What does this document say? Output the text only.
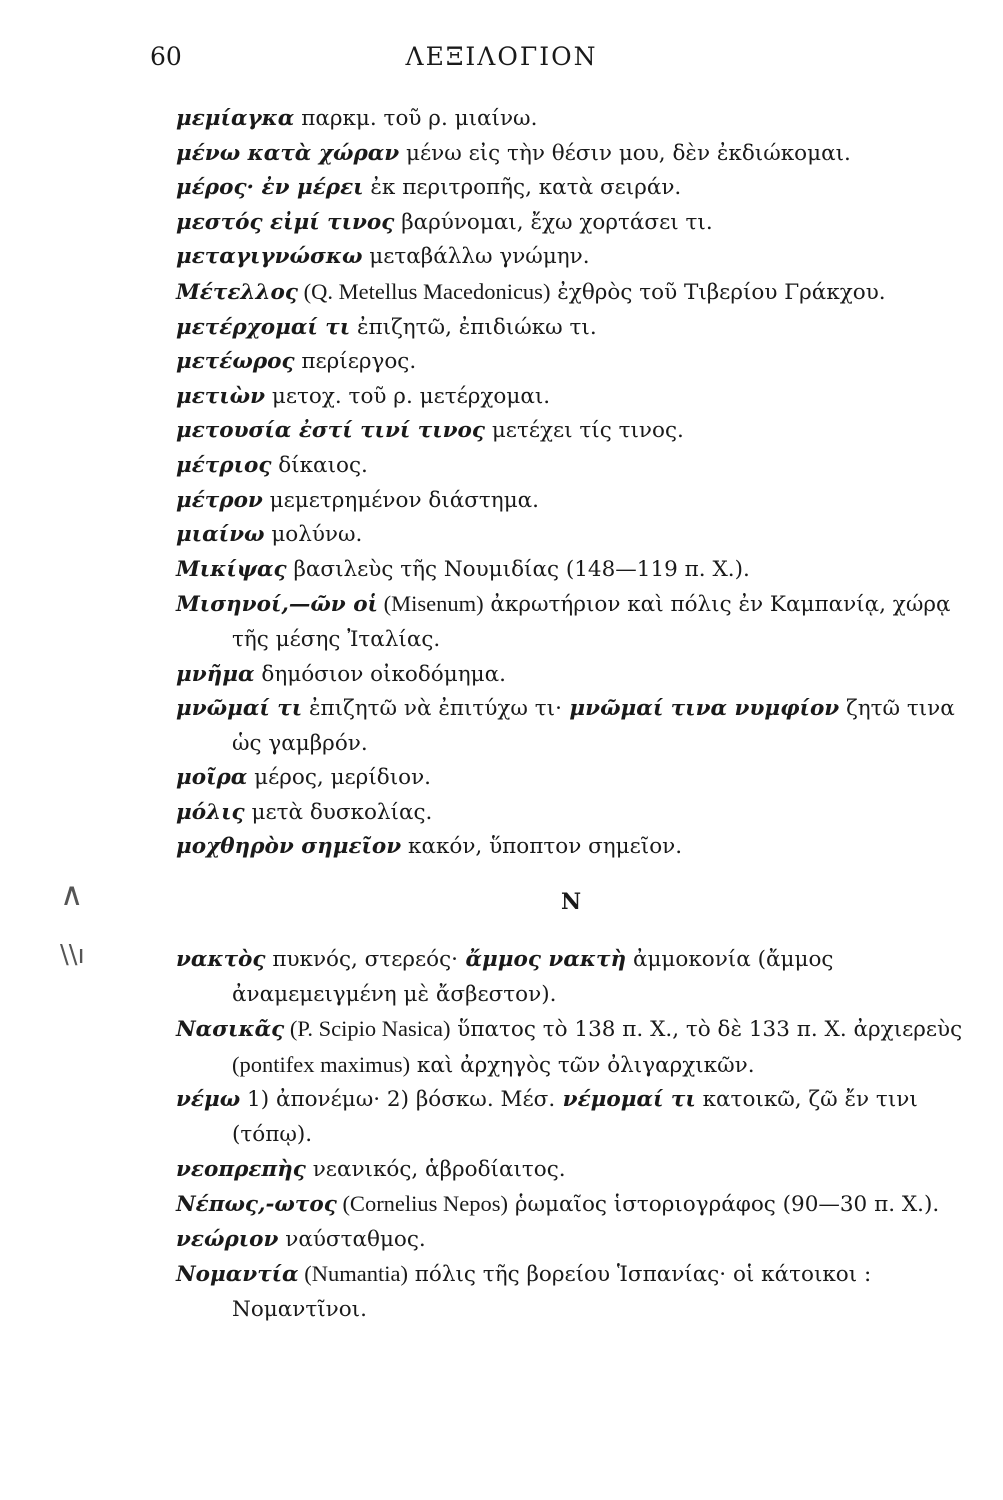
60	ΛΕΞΙΛΟΓΙΟΝ
∧
\\ı

μεμίαγκα παρκμ. τοῦ ρ. μιαίνω.

μένω κατὰ χώραν μένω εἰς τὴν θέσιν μου, δὲν ἐκδιώκομαι.

μέρος· ἐν μέρει ἐκ περιτροπῆς, κατὰ σειράν.

μεστός εἰμί τινος βαρύνομαι, ἔχω χορτάσει τι.

μεταγιγνώσκω μεταβάλλω γνώμην.

Μέτελλος (Q. Metellus Macedonicus) ἐχθρὸς τοῦ Τιβερίου Γράκχου.

μετέρχομαί τι ἐπιζητῶ, ἐπιδιώκω τι.

μετέωρος περίεργος.

μετιὼν μετοχ. τοῦ ρ. μετέρχομαι.

μετουσία ἐστί τινί τινος μετέχει τίς τινος.

μέτριος δίκαιος.

μέτρον μεμετρημένον διάστημα.

μιαίνω μολύνω.

Μικίψας βασιλεὺς τῆς Νουμιδίας (148—119 π. Χ.).

Μισηνοί,—ῶν οἱ (Misenum) ἀκρωτήριον καὶ πόλις ἐν Καμπανίᾳ, χώρᾳ τῆς μέσης Ἰταλίας.

μνῆμα δημόσιον οἰκοδόμημα.

μνῶμαί τι ἐπιζητῶ νὰ ἐπιτύχω τι· μνῶμαί τινα νυμφίον ζητῶ τινα ὡς γαμβρόν.

μοῖρα μέρος, μερίδιον.

μόλις μετὰ δυσκολίας.

μοχθηρὸν σημεῖον κακόν, ὕποπτον σημεῖον.

Ν

νακτὸς πυκνός, στερεός· ἄμμος νακτὴ ἀμμοκονία (ἄμμος ἀναμεμειγμένη μὲ ἄσβεστον).

Νασικᾶς (P. Scipio Nasica) ὕπατος τὸ 138 π. Χ., τὸ δὲ 133 π. Χ. ἀρχιερεὺς (pontifex maximus) καὶ ἀρχηγὸς τῶν ὀλιγαρχικῶν.

νέμω 1) ἀπονέμω· 2) βόσκω. Μέσ. νέμομαί τι κατοικῶ, ζῶ ἔν τινι (τόπῳ).

νεοπρεπὴς νεανικός, ἁβροδίαιτος.

Νέπως,-ωτος (Cornelius Nepos) ῥωμαῖος ἱστοριογράφος (90—30 π. Χ.).

νεώριον ναύσταθμος.

Νομαντία (Numantia) πόλις τῆς βορείου Ἱσπανίας· οἱ κάτοικοι : Νομαντῖνοι.
